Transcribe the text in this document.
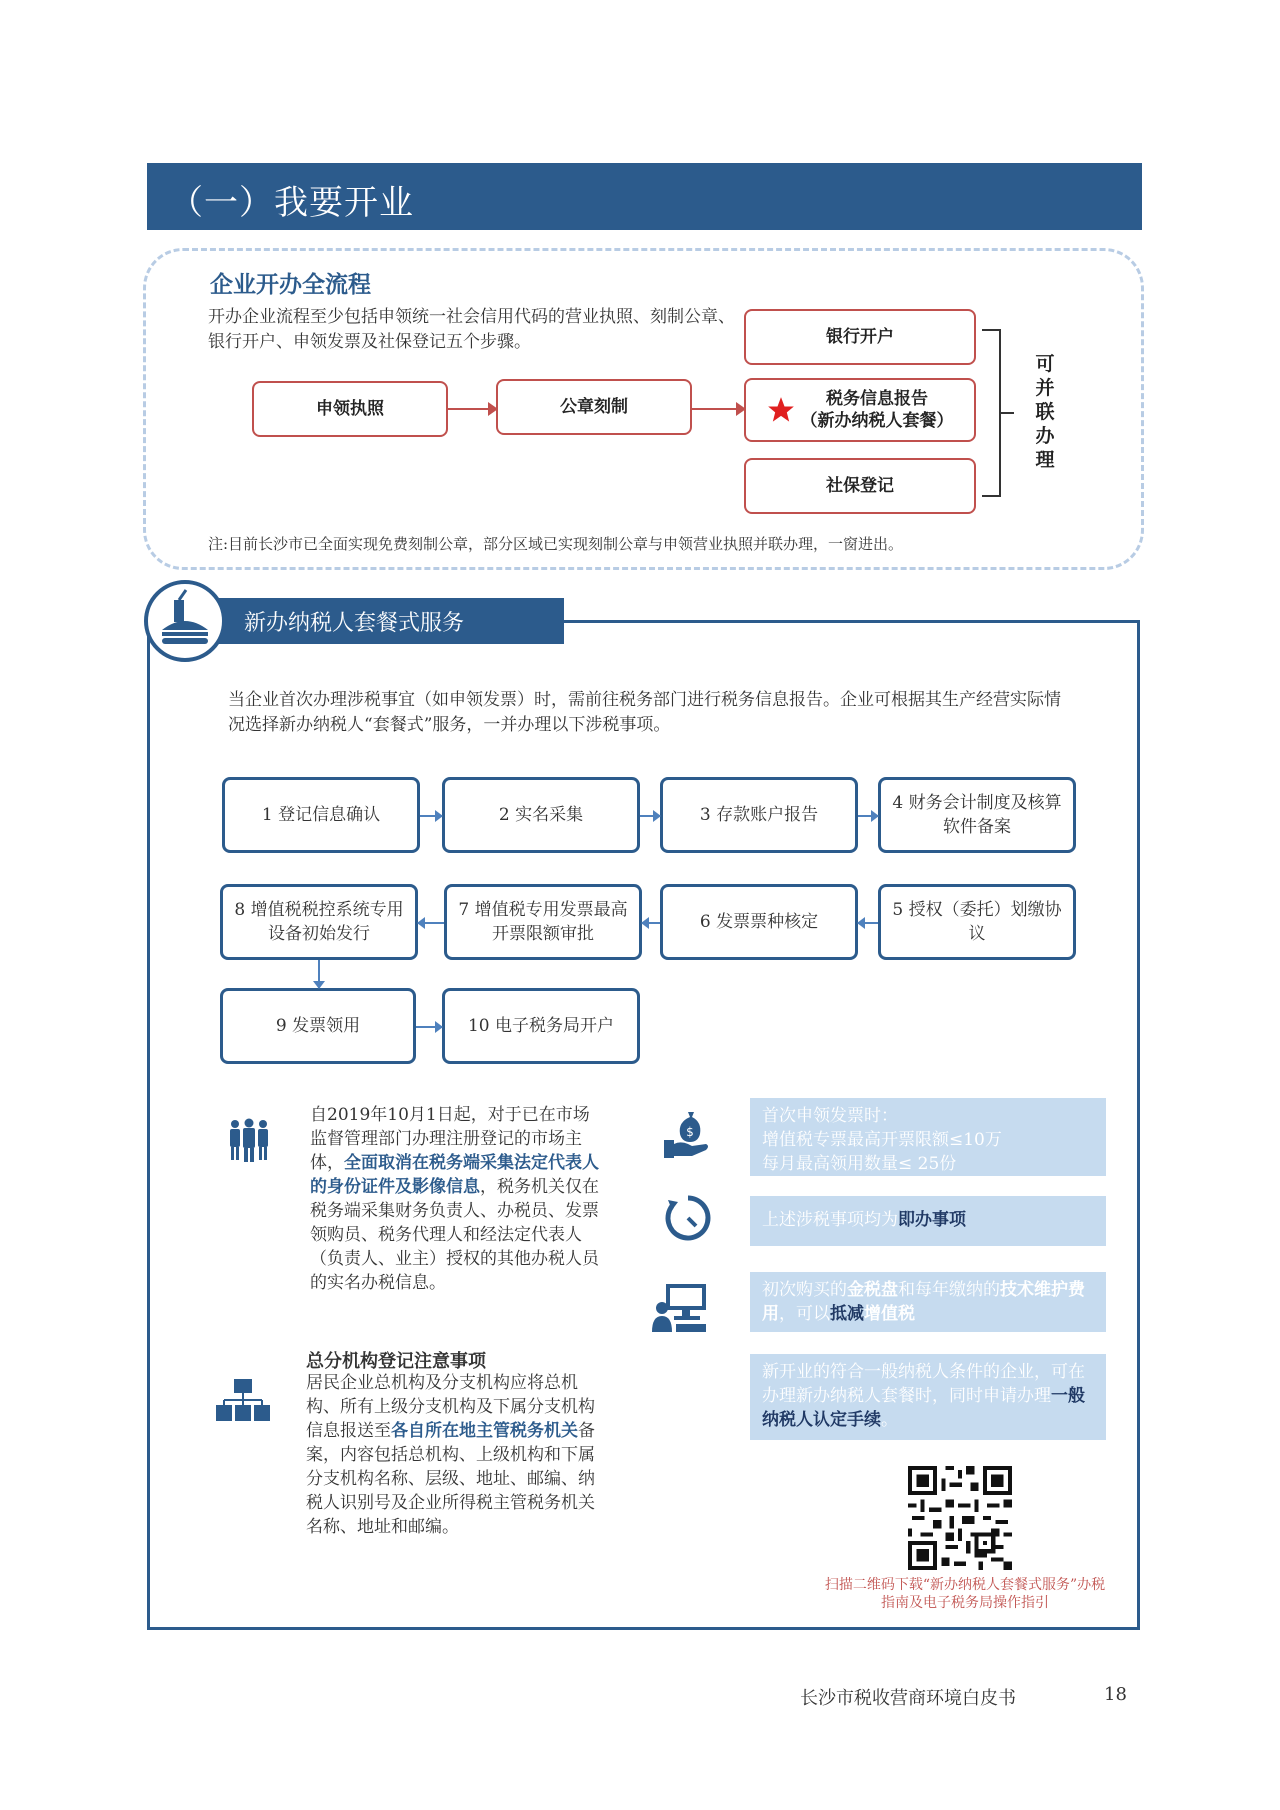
（一）我要开业
企业开办全流程
开办企业流程至少包括申领统一社会信用代码的营业执照、刻制公章、银行开户、申领发票及社保登记五个步骤。
申领执照	公章刻制
银行开户
税务信息报告
（新办纳税人套餐）
社保登记
可并联办理
注:目前长沙市已全面实现免费刻制公章，部分区域已实现刻制公章与申领营业执照并联办理，一窗进出。
新办纳税人套餐式服务
当企业首次办理涉税事宜（如申领发票）时，需前往税务部门进行税务信息报告。企业可根据其生产经营实际情况选择新办纳税人“套餐式”服务，一并办理以下涉税事项。
1 登记信息确认	2 实名采集	3 存款账户报告
4 财务会计制度及核算软件备案
5 授权（委托）划缴协议
6 发票票种核定
7 增值税专用发票最高开票限额审批
8 增值税税控系统专用设备初始发行
9 发票领用	10 电子税务局开户
自2019年10月1日起，对于已在市场监督管理部门办理注册登记的市场主体，全面取消在税务端采集法定代表人的身份证件及影像信息，税务机关仅在税务端采集财务负责人、办税员、发票领购员、税务代理人和经法定代表人（负责人、业主）授权的其他办税人员的实名办税信息。
总分机构登记注意事项
居民企业总机构及分支机构应将总机构、所有上级分支机构及下属分支机构信息报送至各自所在地主管税务机关备案，内容包括总机构、上级机构和下属分支机构名称、层级、地址、邮编、纳税人识别号及企业所得税主管税务机关名称、地址和邮编。
$
首次申领发票时：
增值税专票最高开票限额≤10万
每月最高领用数量≤ 25份
上述涉税事项均为即办事项
初次购买的金税盘和每年缴纳的技术维护费用，可以抵减增值税
新开业的符合一般纳税人条件的企业，可在办理新办纳税人套餐时，同时申请办理一般纳税人认定手续。
扫描二维码下载“新办纳税人套餐式服务”办税指南及电子税务局操作指引
长沙市税收营商环境白皮书	18
